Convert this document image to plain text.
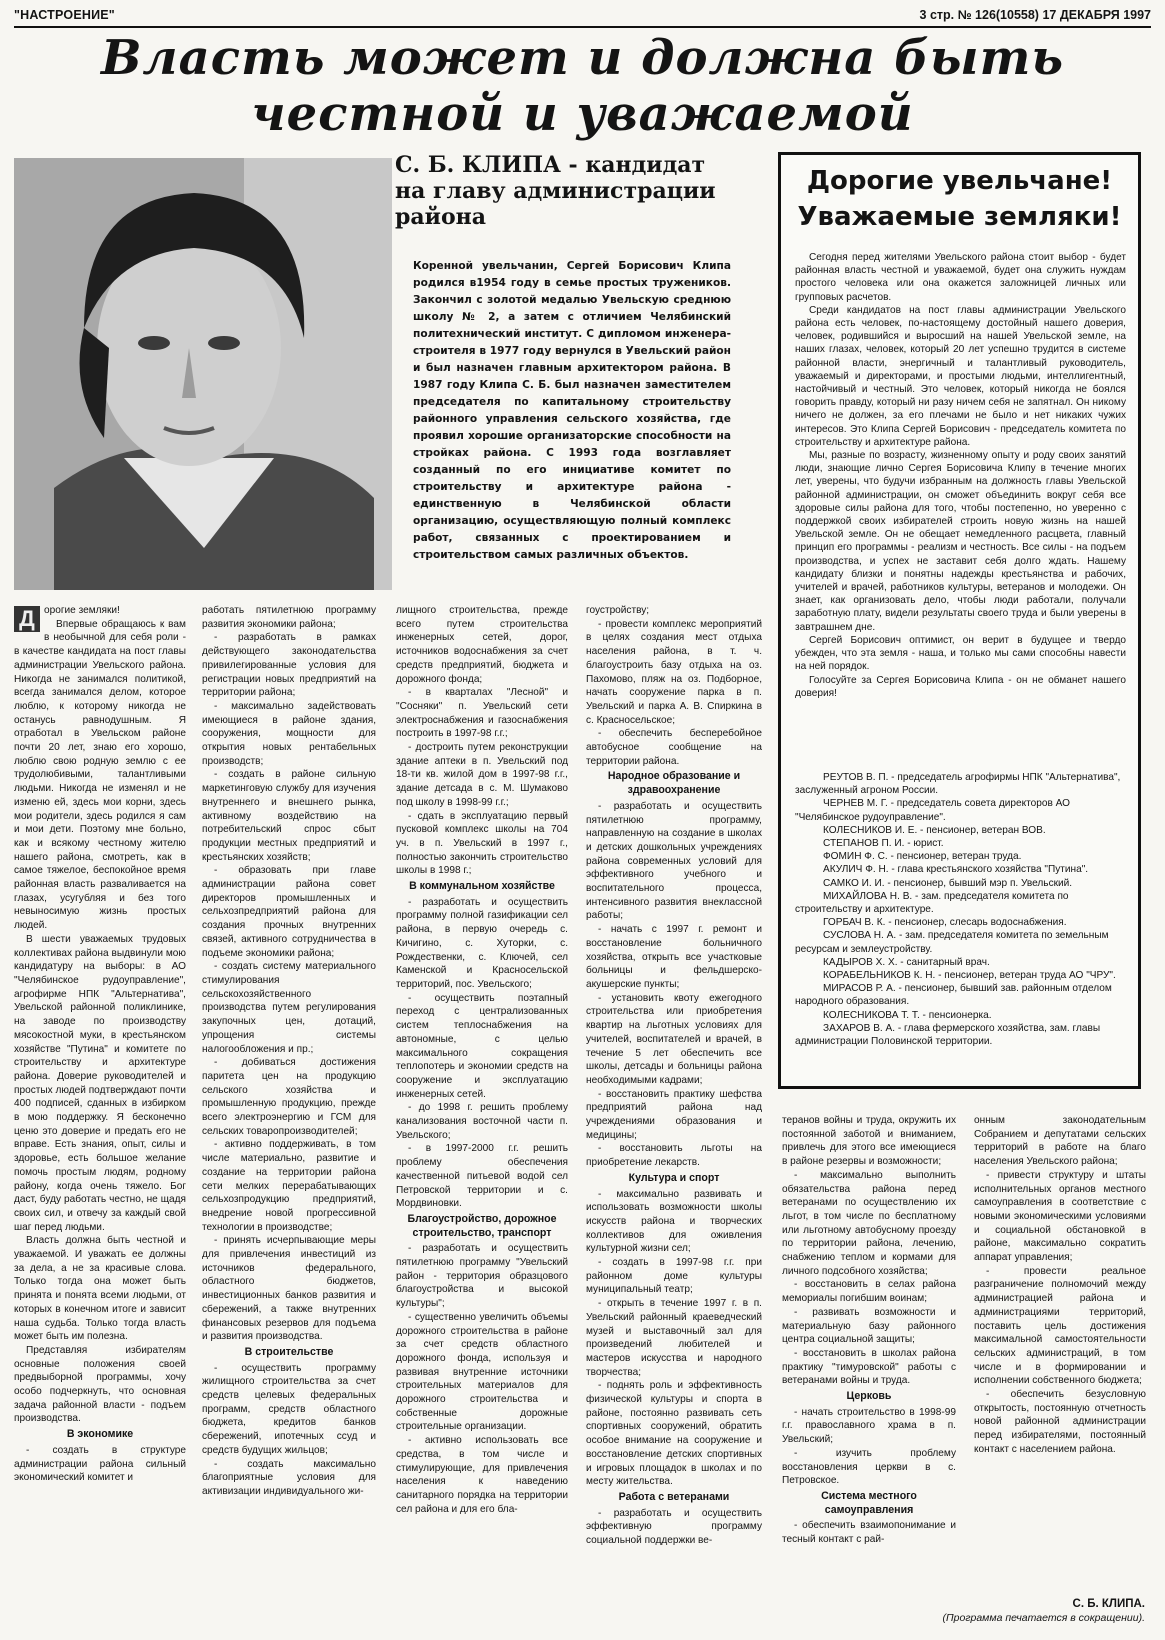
"НАСТРОЕНИЕ"	3 стр. № 126(10558) 17 ДЕКАБРЯ 1997
Власть может и должна быть
честной и уважаемой
С. Б. КЛИПА - кандидат на главу администрации района
Коренной увельчанин, Сергей Борисович Клипа родился в1954 году в семье простых тружеников. Закончил с золотой медалью Увельскую среднюю школу № 2, а затем с отличием Челябинский политехнический институт. С дипломом инженера-строителя в 1977 году вернулся в Увельский район и был назначен главным архитектором района. В 1987 году Клипа С. Б. был назначен заместителем председателя по капитальному строительству районного управления сельского хозяйства, где проявил хорошие организаторские способности на стройках района. С 1993 года возглавляет созданный по его инициативе комитет по строительству и архитектуре района - единственную в Челябинской области организацию, осуществляющую полный комплекс работ, связанных с проектированием и строительством самых различных объектов.
Дорогие увельчане!
Уважаемые земляки!

Сегодня перед жителями Увельского района стоит выбор - будет районная власть честной и уважаемой, будет она служить нуждам простого человека или она окажется заложницей личных или групповых расчетов.

Среди кандидатов на пост главы администрации Увельского района есть человек, по-настоящему достойный нашего доверия, человек, родившийся и выросший на нашей Увельской земле, на наших глазах, человек, который 20 лет успешно трудится в системе районной власти, энергичный и талантливый руководитель, уважаемый и директорами, и простыми людьми, интеллигентный, настойчивый и честный. Это человек, который никогда не боялся говорить правду, который ни разу ничем себя не запятнал. Он никому ничего не должен, за его плечами не было и нет никаких чужих интересов. Это Клипа Сергей Борисович - председатель комитета по строительству и архитектуре района.

Мы, разные по возрасту, жизненному опыту и роду своих занятий люди, знающие лично Сергея Борисовича Клипу в течение многих лет, уверены, что будучи избранным на должность главы Увельской районной администрации, он сможет объединить вокруг себя все здоровые силы района для того, чтобы постепенно, но уверенно с поддержкой своих избирателей строить новую жизнь на нашей Увельской земле. Он не обещает немедленного расцвета, главный принцип его программы - реализм и честность. Все силы - на подъем производства, и успех не заставит себя долго ждать. Нашему кандидату близки и понятны надежды крестьянства и рабочих, учителей и врачей, работников культуры, ветеранов и молодежи. Он знает, как организовать дело, чтобы люди работали, получали заработную плату, видели результаты своего труда и были уверены в завтрашнем дне.

Сергей Борисович оптимист, он верит в будущее и твердо убежден, что эта земля - наша, и только мы сами способны навести на ней порядок.

Голосуйте за Сергея Борисовича Клипа - он не обманет нашего доверия!

РЕУТОВ В. П. - председатель агрофирмы НПК "Альтернатива", заслуженный агроном России.
ЧЕРНЕВ М. Г. - председатель совета директоров АО "Челябинское рудоуправление".
КОЛЕСНИКОВ И. Е. - пенсионер, ветеран ВОВ.
СТЕПАНОВ П. И. - юрист.
ФОМИН Ф. С. - пенсионер, ветеран труда.
АКУЛИЧ Ф. Н. - глава крестьянского хозяйства "Путина".
САМКО И. И. - пенсионер, бывший мэр п. Увельский.
МИХАЙЛОВА Н. В. - зам. председателя комитета по строительству и архитектуре.
ГОРБАЧ В. К. - пенсионер, слесарь водоснабжения.
СУСЛОВА Н. А. - зам. председателя комитета по земельным ресурсам и землеустройству.
КАДЫРОВ Х. Х. - санитарный врач.
КОРАБЕЛЬНИКОВ К. Н. - пенсионер, ветеран труда АО "ЧРУ".
МИРАСОВ Р. А. - пенсионер, бывший зав. районным отделом народного образования.
КОЛЕСНИКОВА Т. Т. - пенсионерка.
ЗАХАРОВ В. А. - глава фермерского хозяйства, зам. главы администрации Половинской территории.
Д орогие земляки!

Впервые обращаюсь к вам в необычной для себя роли - в качестве кандидата на пост главы администрации Увельского района. Никогда не занимался политикой, всегда занимался делом, которое люблю, к которому никогда не останусь равнодушным. Я отработал в Увельском районе почти 20 лет, знаю его хорошо, люблю свою родную землю с ее трудолюбивыми, талантливыми людьми. Никогда не изменял и не изменю ей, здесь мои корни, здесь мои родители, здесь родился я сам и мои дети. Поэтому мне больно, как и всякому честному жителю нашего района, смотреть, как в самое тяжелое, беспокойное время районная власть разваливается на глазах, усугубляя и без того невыносимую жизнь простых людей.

В шести уважаемых трудовых коллективах района выдвинули мою кандидатуру на выборы: в АО "Челябинское рудоуправление", агрофирме НПК "Альтернатива", Увельской районной поликлинике, на заводе по производству мясокостной муки, в крестьянском хозяйстве "Путина" и комитете по строительству и архитектуре района. Доверие руководителей и простых людей подтверждают почти 400 подписей, сданных в избирком в мою поддержку. Я бесконечно ценю это доверие и предать его не вправе. Есть знания, опыт, силы и здоровье, есть большое желание помочь простым людям, родному району, когда очень тяжело. Бог даст, буду работать честно, не щадя своих сил, и отвечу за каждый свой шаг перед людьми.

Власть должна быть честной и уважаемой. И уважать ее должны за дела, а не за красивые слова. Только тогда она может быть принята и понята всеми людьми, от которых в конечном итоге и зависит наша судьба. Только тогда власть может быть им полезна.

Представляя избирателям основные положения своей предвыборной программы, хочу особо подчеркнуть, что основная задача районной власти - подъем производства.

В экономике

- создать в структуре администрации района сильный экономический комитет и

работать пятилетнюю программу развития экономики района;

- разработать в рамках действующего законодательства привилегированные условия для регистрации новых предприятий на территории района;

- максимально задействовать имеющиеся в районе здания, сооружения, мощности для открытия новых рентабельных производств;

- создать в районе сильную маркетинговую службу для изучения внутреннего и внешнего рынка, активному воздействию на потребительский спрос сбыт продукции местных предприятий и крестьянских хозяйств;

- образовать при главе администрации района совет директоров промышленных и сельхозпредприятий района для создания прочных внутренних связей, активного сотрудничества в подъеме экономики района;

- создать систему материального стимулирования сельскохозяйственного производства путем регулирования закупочных цен, дотаций, упрощения системы налогообложения и пр.;

- добиваться достижения паритета цен на продукцию сельского хозяйства и промышленную продукцию, прежде всего электроэнергию и ГСМ для сельских товаропроизводителей;

- активно поддерживать, в том числе материально, развитие и создание на территории района сети мелких перерабатывающих сельхозпродукцию предприятий, внедрение новой прогрессивной технологии в производстве;

- принять исчерпывающие меры для привлечения инвестиций из источников федерального, областного бюджетов, инвестиционных банков развития и сбережений, а также внутренних финансовых резервов для подъема и развития производства.

В строительстве

- осуществить программу жилищного строительства за счет средств целевых федеральных программ, средств областного бюджета, кредитов банков сбережений, ипотечных ссуд и средств будущих жильцов;

- создать максимально благоприятные условия для активизации индивидуального жи-

лищного строительства, прежде всего путем строительства инженерных сетей, дорог, источников водоснабжения за счет средств предприятий, бюджета и дорожного фонда;

- в кварталах "Лесной" и "Сосняки" п. Увельский сети электроснабжения и газоснабжения построить в 1997-98 г.г.;

- достроить путем реконструкции здание аптеки в п. Увельский под 18-ти кв. жилой дом в 1997-98 г.г., здание детсада в с. М. Шумаково под школу в 1998-99 г.г.;

- сдать в эксплуатацию первый пусковой комплекс школы на 704 уч. в п. Увельский в 1997 г., полностью закончить строительство школы в 1998 г.;

В коммунальном хозяйстве

- разработать и осуществить программу полной газификации сел района, в первую очередь с. Кичигино, с. Хуторки, с. Рождественки, с. Ключей, сел Каменской и Красносельской территорий, пос. Увельского;

- осуществить поэтапный переход с централизованных систем теплоснабжения на автономные, с целью максимального сокращения теплопотерь и экономии средств на сооружение и эксплуатацию инженерных сетей.

- до 1998 г. решить проблему канализования восточной части п. Увельского;

- в 1997-2000 г.г. решить проблему обеспечения качественной питьевой водой сел Петровской территории и с. Мордвиновки.

Благоустройство, дорожное строительство, транспорт

- разработать и осуществить пятилетнюю программу "Увельский район - территория образцового благоустройства и высокой культуры";

- существенно увеличить объемы дорожного строительства в районе за счет средств областного дорожного фонда, используя и развивая внутренние источники строительных материалов для дорожного строительства и собственные дорожные строительные организации.

- активно использовать все средства, в том числе и стимулирующие, для привлечения населения к наведению санитарного порядка на территории сел района и для его бла-

гоустройству;

- провести комплекс мероприятий в целях создания мест отдыха населения района, в т. ч. благоустроить базу отдыха на оз. Пахомово, пляж на оз. Подборное, начать сооружение парка в п. Увельский и парка А. В. Спиркина в с. Красносельское;

- обеспечить бесперебойное автобусное сообщение на территории района.

Народное образование и здравоохранение

- разработать и осуществить пятилетнюю программу, направленную на создание в школах и детских дошкольных учреждениях района современных условий для эффективного учебного и воспитательного процесса, интенсивного развития внеклассной работы;

- начать с 1997 г. ремонт и восстановление больничного хозяйства, открыть все участковые больницы и фельдшерско-акушерские пункты;

- установить квоту ежегодного строительства или приобретения квартир на льготных условиях для учителей, воспитателей и врачей, в течение 5 лет обеспечить все школы, детсады и больницы района необходимыми кадрами;

- восстановить практику шефства предприятий района над учреждениями образования и медицины;

- восстановить льготы на приобретение лекарств.

Культура и спорт

- максимально развивать и использовать возможности школы искусств района и творческих коллективов для оживления культурной жизни сел;

- создать в 1997-98 г.г. при районном доме культуры муниципальный театр;

- открыть в течение 1997 г. в п. Увельский районный краеведческий музей и выставочный зал для произведений любителей и мастеров искусства и народного творчества;

- поднять роль и эффективность физической культуры и спорта в районе, постоянно развивать сеть спортивных сооружений, обратить особое внимание на сооружение и восстановление детских спортивных и игровых площадок в школах и по месту жительства.

Работа с ветеранами

- разработать и осуществить эффективную программу социальной поддержки ве-

теранов войны и труда, окружить их постоянной заботой и вниманием, привлечь для этого все имеющиеся в районе резервы и возможности;

- максимально выполнить обязательства района перед ветеранами по осуществлению их льгот, в том числе по бесплатному или льготному автобусному проезду по территории района, лечению, снабжению теплом и кормами для личного подсобного хозяйства;

- восстановить в селах района мемориалы погибшим воинам;

- развивать возможности и материальную базу районного центра социальной защиты;

- восстановить в школах района практику "тимуровской" работы с ветеранами войны и труда.

Церковь

- начать строительство в 1998-99 г.г. православного храма в п. Увельский;

- изучить проблему восстановления церкви в с. Петровское.

Система местного самоуправления

- обеспечить взаимопонимание и тесный контакт с рай-

онным законодательным Собранием и депутатами сельских территорий в работе на благо населения Увельского района;

- привести структуру и штаты исполнительных органов местного самоуправления в соответствие с новыми экономическими условиями и социальной обстановкой в районе, максимально сократить аппарат управления;

- провести реальное разграничение полномочий между администрацией района и администрациями территорий, поставить цель достижения максимальной самостоятельности сельских администраций, в том числе и в формировании и исполнении собственного бюджета;

- обеспечить безусловную открытость, постоянную отчетность новой районной администрации перед избирателями, постоянный контакт с населением района.

С. Б. КЛИПА.
(Программа печатается в сокращении).
